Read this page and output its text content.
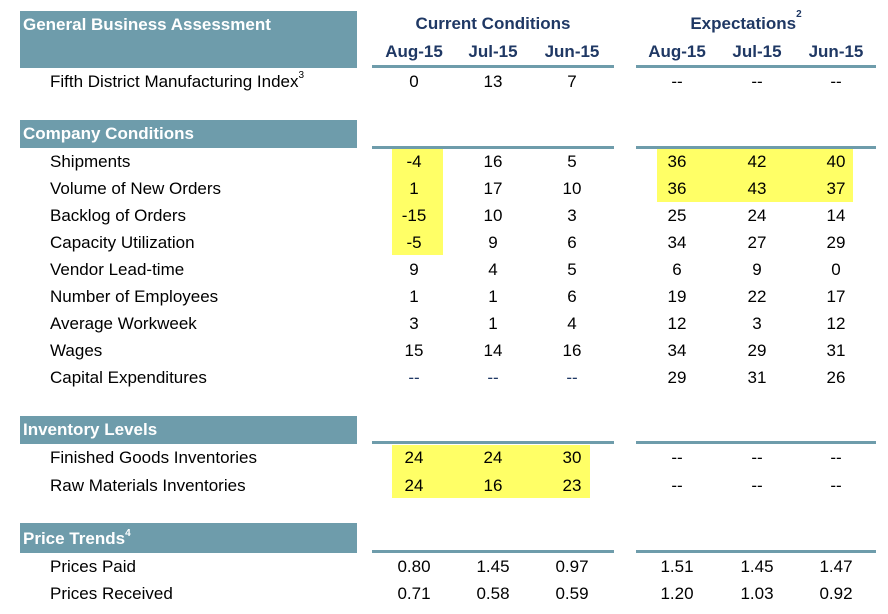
General Business Assessment	Current Conditions	Expectations$^2$
Aug-15	Jul-15	Jun-15	Aug-15	Jul-15	Jun-15
Fifth District Manufacturing Index$^3$	0	13	7	--	--	--
Company Conditions
Shipments	-4	16	5	36	42	40
Volume of New Orders	1	17	10	36	43	37
Backlog of Orders	-15	10	3	25	24	14
Capacity Utilization	-5	9	6	34	27	29
Vendor Lead-time	9	4	5	6	9	0
Number of Employees	1	1	6	19	22	17
Average Workweek	3	1	4	12	3	12
Wages	15	14	16	34	29	31
Capital Expenditures	--	--	--	29	31	26
Inventory Levels
Finished Goods Inventories	24	24	30	--	--	--
Raw Materials Inventories	24	16	23	--	--	--
Price Trends$^4$
Prices Paid	0.80	1.45	0.97	1.51	1.45	1.47
Prices Received	0.71	0.58	0.59	1.20	1.03	0.92
